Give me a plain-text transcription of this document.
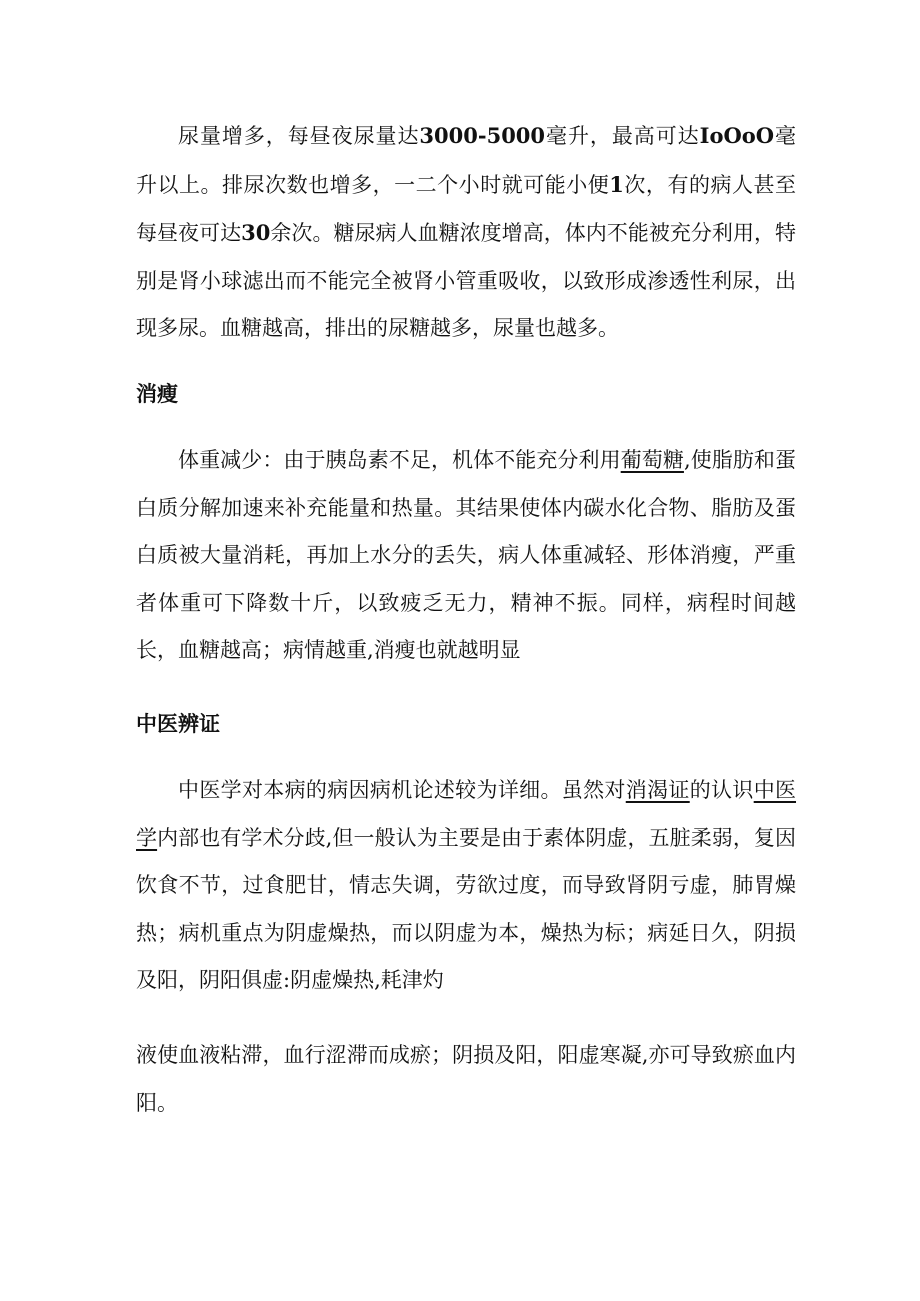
尿量增多，每昼夜尿量达3000-5000毫升，最高可达IoOoO毫升以上。排尿次数也增多，一二个小时就可能小便1次，有的病人甚至每昼夜可达30余次。糖尿病人血糖浓度增高，体内不能被充分利用，特别是肾小球滤出而不能完全被肾小管重吸收，以致形成渗透性利尿，出现多尿。血糖越高，排出的尿糖越多，尿量也越多。

消瘦

体重减少：由于胰岛素不足，机体不能充分利用葡萄糖,使脂肪和蛋白质分解加速来补充能量和热量。其结果使体内碳水化合物、脂肪及蛋白质被大量消耗，再加上水分的丢失，病人体重减轻、形体消瘦，严重者体重可下降数十斤，以致疲乏无力，精神不振。同样，病程时间越长，血糖越高；病情越重,消瘦也就越明显

中医辨证

中医学对本病的病因病机论述较为详细。虽然对消渴证的认识中医学内部也有学术分歧,但一般认为主要是由于素体阴虚，五脏柔弱，复因饮食不节，过食肥甘，情志失调，劳欲过度，而导致肾阴亏虚，肺胃燥热；病机重点为阴虚燥热，而以阴虚为本，燥热为标；病延日久，阴损及阳，阴阳俱虚:阴虚燥热,耗津灼

液使血液粘滞，血行涩滞而成瘀；阴损及阳，阳虚寒凝,亦可导致瘀血内阳。
